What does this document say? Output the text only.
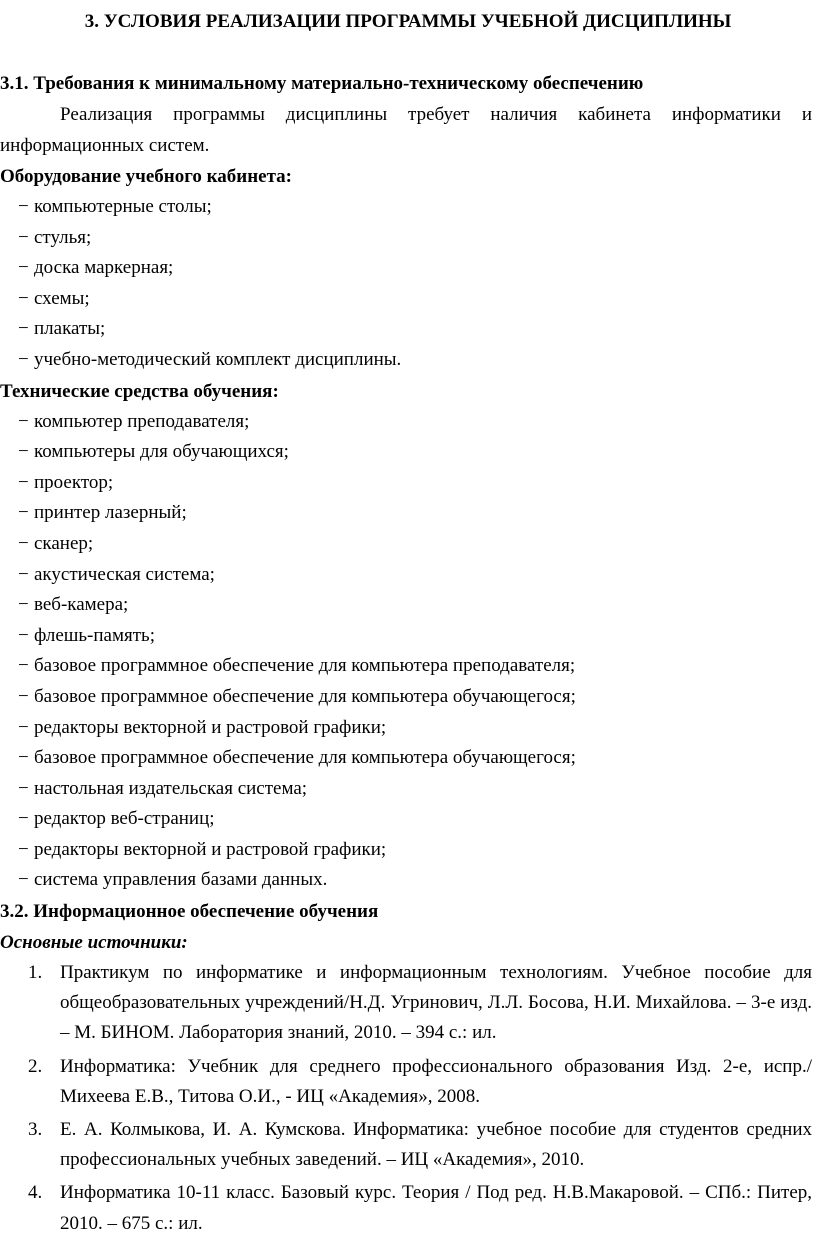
3. УСЛОВИЯ РЕАЛИЗАЦИИ ПРОГРАММЫ УЧЕБНОЙ ДИСЦИПЛИНЫ
3.1. Требования к минимальному материально-техническому обеспечению
Реализация программы дисциплины требует наличия кабинета информатики и информационных систем.
Оборудование учебного кабинета:
− компьютерные столы;
− стулья;
− доска маркерная;
− схемы;
− плакаты;
− учебно-методический комплект дисциплины.
Технические средства обучения:
− компьютер преподавателя;
− компьютеры для обучающихся;
− проектор;
− принтер лазерный;
− сканер;
− акустическая система;
− веб-камера;
− флешь-память;
− базовое программное обеспечение для компьютера преподавателя;
− базовое программное обеспечение для компьютера обучающегося;
− редакторы векторной и растровой графики;
− базовое программное обеспечение для компьютера обучающегося;
− настольная издательская система;
− редактор веб-страниц;
− редакторы векторной и растровой графики;
− система управления базами данных.
3.2. Информационное обеспечение обучения
Основные источники:
1. Практикум по информатике и информационным технологиям. Учебное пособие для общеобразовательных учреждений/Н.Д. Угринович, Л.Л. Босова, Н.И. Михайлова. – 3-е изд. – М. БИНОМ. Лаборатория знаний, 2010. – 394 с.: ил.
2. Информатика: Учебник для среднего профессионального образования Изд. 2-е, испр./ Михеева Е.В., Титова О.И., - ИЦ «Академия», 2008.
3. Е. А. Колмыкова, И. А. Кумскова. Информатика: учебное пособие для студентов средних профессиональных учебных заведений. – ИЦ «Академия», 2010.
4. Информатика 10-11 класс. Базовый курс. Теория / Под ред. Н.В.Макаровой. – СПб.: Питер, 2010. – 675 с.: ил.
